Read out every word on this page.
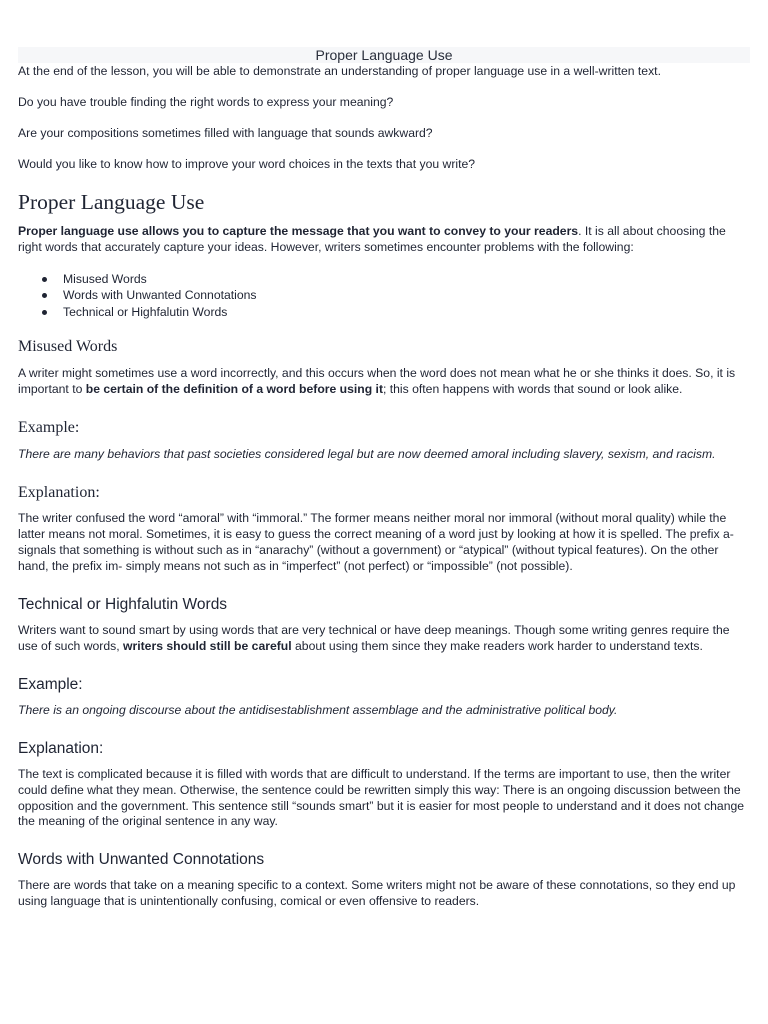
Proper Language Use

At the end of the lesson, you will be able to demonstrate an understanding of proper language use in a well-written text.

Do you have trouble finding the right words to express your meaning?

Are your compositions sometimes filled with language that sounds awkward?

Would you like to know how to improve your word choices in the texts that you write?

Proper Language Use

Proper language use allows you to capture the message that you want to convey to your readers. It is all about choosing the right words that accurately capture your ideas. However, writers sometimes encounter problems with the following:

Misused Words
Words with Unwanted Connotations
Technical or Highfalutin Words
Misused Words

A writer might sometimes use a word incorrectly, and this occurs when the word does not mean what he or she thinks it does. So, it is important to be certain of the definition of a word before using it; this often happens with words that sound or look alike.

Example:

There are many behaviors that past societies considered legal but are now deemed amoral including slavery, sexism, and racism.

Explanation:

The writer confused the word “amoral” with “immoral.” The former means neither moral nor immoral (without moral quality) while the latter means not moral. Sometimes, it is easy to guess the correct meaning of a word just by looking at how it is spelled. The prefix a- signals that something is without such as in “anarachy” (without a government) or “atypical” (without typical features). On the other hand, the prefix im- simply means not such as in “imperfect” (not perfect) or “impossible” (not possible).

Technical or Highfalutin Words

Writers want to sound smart by using words that are very technical or have deep meanings. Though some writing genres require the use of such words, writers should still be careful about using them since they make readers work harder to understand texts.

Example:

There is an ongoing discourse about the antidisestablishment assemblage and the administrative political body.

Explanation:

The text is complicated because it is filled with words that are difficult to understand. If the terms are important to use, then the writer could define what they mean. Otherwise, the sentence could be rewritten simply this way: There is an ongoing discussion between the opposition and the government. This sentence still “sounds smart” but it is easier for most people to understand and it does not change the meaning of the original sentence in any way.

Words with Unwanted Connotations

There are words that take on a meaning specific to a context. Some writers might not be aware of these connotations, so they end up using language that is unintentionally confusing, comical or even offensive to readers.
